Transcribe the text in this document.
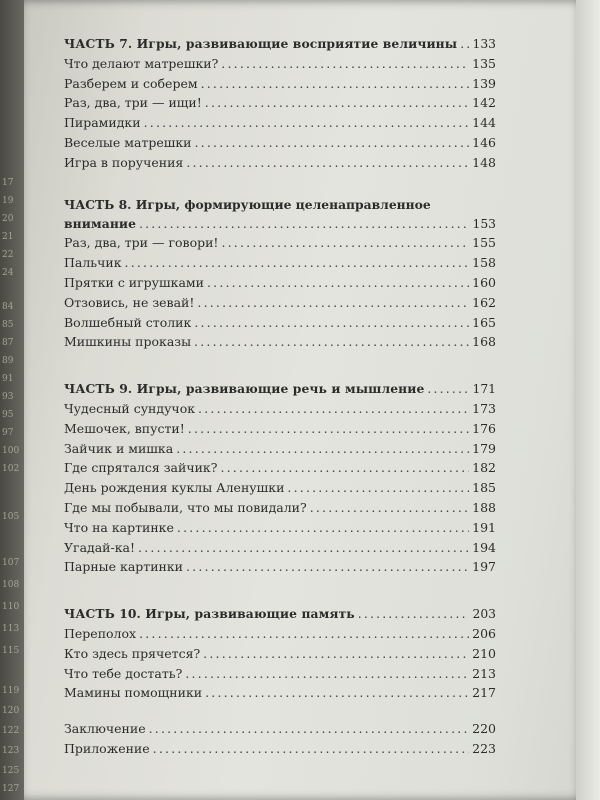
17
19
20
21
22
24
84
85
87
89
91
93
95
97
100
102
105
107
108
110
113
115
119
120
122
123
125
127
ЧАСТЬ 7. Игры, развивающие восприятие величины ..... 133
Что делают матрешки? .....	135
Разберем и соберем .....	139
Раз, два, три — ищи! .....	142
Пирамидки .....	144
Веселые матрешки .....	146
Игра в поручения .....	148
ЧАСТЬ 8. Игры, формирующие целенаправленное
внимание .....	153
Раз, два, три — говори! .....	155
Пальчик .....	158
Прятки с игрушками .....	160
Отзовись, не зевай! .....	162
Волшебный столик .....	165
Мишкины проказы .....	168
ЧАСТЬ 9. Игры, развивающие речь и мышление .....	171
Чудесный сундучок .....	173
Мешочек, впусти! .....	176
Зайчик и мишка .....	179
Где спрятался зайчик? .....	182
День рождения куклы Аленушки .....	185
Где мы побывали, что мы повидали? .....	188
Что на картинке .....	191
Угадай-ка! .....	194
Парные картинки .....	197
ЧАСТЬ 10. Игры, развивающие память .....	203
Переполох .....	206
Кто здесь прячется? .....	210
Что тебе достать? .....	213
Мамины помощники .....	217
Заключение .....	220
Приложение .....	223
